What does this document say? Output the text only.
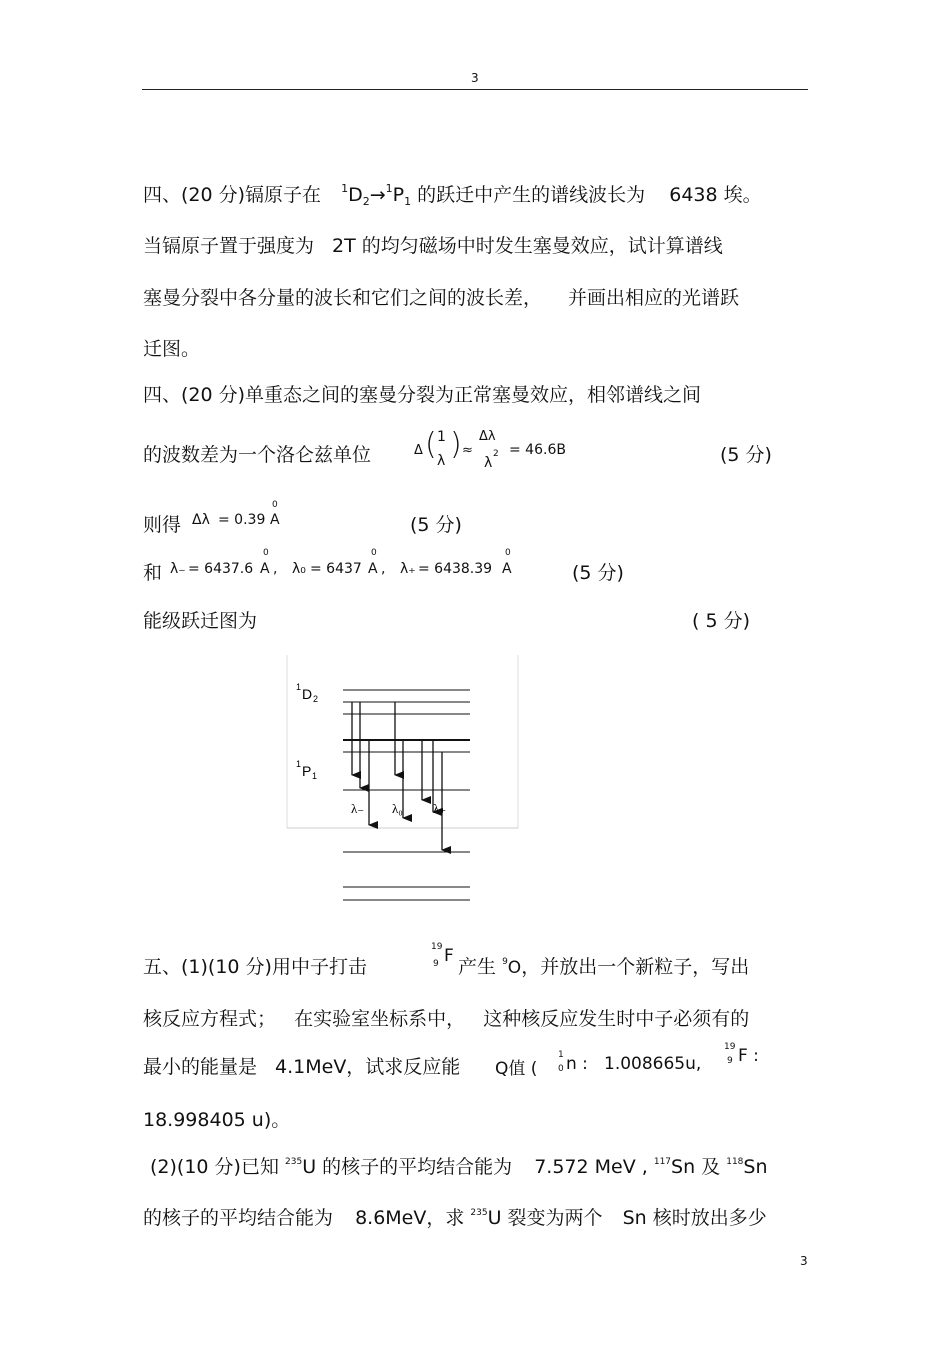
3
四、(20 分)镉原子在 $^1D_2\to^1P_1$ 的跃迁中产生的谱线波长为 6438 埃。
当镉原子置于强度为 2T 的均匀磁场中时发生塞曼效应，试计算谱线
塞曼分裂中各分量的波长和它们之间的波长差， 并画出相应的光谱跃
迁图。
四、(20 分)单重态之间的塞曼分裂为正常塞曼效应，相邻谱线之间
的波数差为一个洛仑兹单位	Δ ( 1
λ ) ≈
Δλ
λ
2 = 46.6B	(5 分)
则得 Δλ = 0.39
0
A	(5 分)
和 λ₋ = 6437.6
0
A , λ₀ = 6437
0
A , λ₊ = 6438.39
0
A	(5 分)
能级跃迁图为	( 5 分)
1 D 2
1 P 1
λ₋ λ₀ λ₊
五、(1)(10 分)用中子打击
19
9 F 产生 $^9$O，并放出一个新粒子，写出
核反应方程式；   在实验室坐标系中，   这种核反应发生时中子必须有的
最小的能量是 4.1MeV，试求反应能 Q值 (
1
0 n : 1.008665u,
19
9 F :
18.998405 u)。
(2)(10 分)已知 $^{235}$U 的核子的平均结合能为 7.572 MeV , $^{117}$Sn 及 $^{118}$Sn
的核子的平均结合能为 8.6MeV，求 $^{235}$U 裂变为两个 Sn 核时放出多少
3
